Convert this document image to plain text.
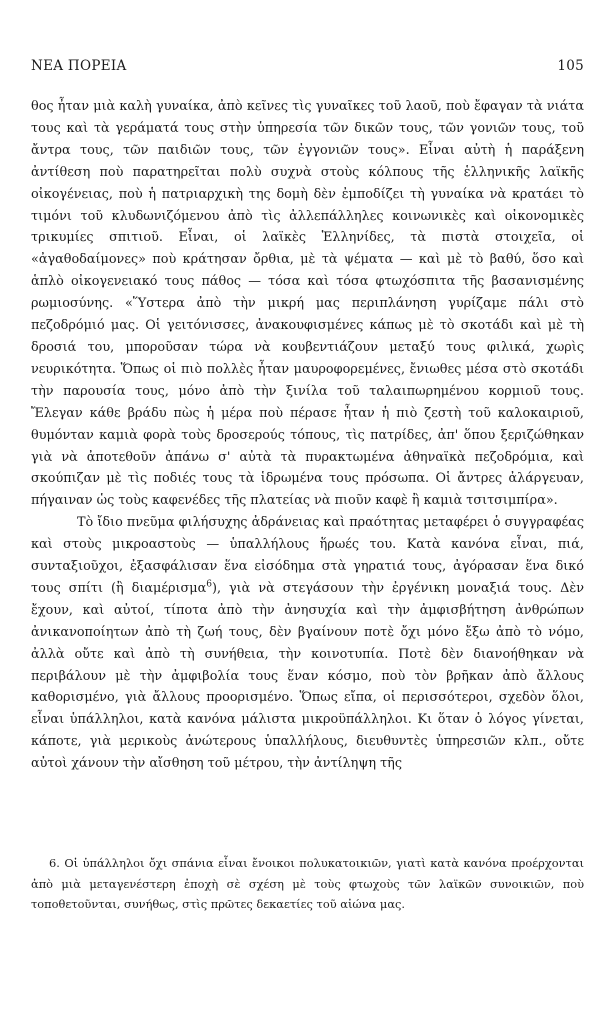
ΝΕΑ ΠΟΡΕΙΑ	105

θος ἦταν μιὰ καλὴ γυναίκα, ἀπὸ κεῖνες τὶς γυναῖκες τοῦ λαοῦ, ποὺ ἔφαγαν τὰ νιάτα τους καὶ τὰ γεράματά τους στὴν ὑπηρεσία τῶν δικῶν τους, τῶν γονιῶν τους, τοῦ ἄντρα τους, τῶν παιδιῶν τους, τῶν ἐγγονιῶν τους». Εἶναι αὐτὴ ἡ παράξενη ἀντίθεση ποὺ παρατηρεῖται πολὺ συχνὰ στοὺς κόλπους τῆς ἑλληνικῆς λαϊκῆς οἰκογένειας, ποὺ ἡ πατριαρχικὴ της δομὴ δὲν ἐμποδίζει τὴ γυναίκα νὰ κρατάει τὸ τιμόνι τοῦ κλυδωνιζόμενου ἀπὸ τὶς ἀλλεπάλληλες κοινωνικὲς καὶ οἰκονομικὲς τρικυμίες σπιτιοῦ. Εἶναι, οἱ λαϊκὲς Ἑλληνίδες, τὰ πιστὰ στοιχεῖα, οἱ «ἀγαθοδαίμονες» ποὺ κράτησαν ὄρθια, μὲ τὰ ψέματα — καὶ μὲ τὸ βαθύ, ὅσο καὶ ἁπλὸ οἰκογενειακό τους πάθος — τόσα καὶ τόσα φτωχόσπιτα τῆς βασανισμένης ρωμιοσύνης. «Ὕστερα ἀπὸ τὴν μικρή μας περιπλάνηση γυρίζαμε πάλι στὸ πεζοδρόμιό μας. Οἱ γειτόνισσες, ἀνακουφισμένες κάπως μὲ τὸ σκοτάδι καὶ μὲ τὴ δροσιά του, μποροῦσαν τώρα νὰ κουβεντιάζουν μεταξύ τους φιλικά, χωρὶς νευρικότητα. Ὅπως οἱ πιὸ πολλὲς ἦταν μαυροφορεμένες, ἔνιωθες μέσα στὸ σκοτάδι τὴν παρουσία τους, μόνο ἀπὸ τὴν ξινίλα τοῦ ταλαιπωρημένου κορμιοῦ τους. Ἔλεγαν κάθε βράδυ πὼς ἡ μέρα ποὺ πέρασε ἦταν ἡ πιὸ ζεστὴ τοῦ καλοκαιριοῦ, θυμόνταν καμιὰ φορὰ τοὺς δροσερούς τόπους, τὶς πατρίδες, ἀπ' ὅπου ξεριζώθηκαν γιὰ νὰ ἀποτεθοῦν ἀπάνω σ' αὐτὰ τὰ πυρακτωμένα ἀθηναϊκὰ πεζοδρόμια, καὶ σκούπιζαν μὲ τὶς ποδιές τους τὰ ἱδρωμένα τους πρόσωπα. Οἱ ἄντρες ἀλάργευαν, πήγαιναν ὡς τοὺς καφενέδες τῆς πλατείας νὰ πιοῦν καφὲ ἢ καμιὰ τσιτσιμπίρα».

Τὸ ἴδιο πνεῦμα φιλήσυχης ἀδράνειας καὶ πραότητας μεταφέρει ὁ συγγραφέας καὶ στοὺς μικροαστοὺς — ὑπαλλήλους ἥρωές του. Κατὰ κανόνα εἶναι, πιά, συνταξιοῦχοι, ἐξασφάλισαν ἕνα εἰσόδημα στὰ γηρατιά τους, ἀγόρασαν ἕνα δικό τους σπίτι (ἢ διαμέρισμα$^6$), γιὰ νὰ στεγάσουν τὴν ἐργένικη μοναξιά τους. Δὲν ἔχουν, καὶ αὐτοί, τίποτα ἀπὸ τὴν ἀνησυχία καὶ τὴν ἀμφισβήτηση ἀνθρώπων ἀνικανοποίητων ἀπὸ τὴ ζωή τους, δὲν βγαίνουν ποτὲ ὄχι μόνο ἔξω ἀπὸ τὸ νόμο, ἀλλὰ οὔτε καὶ ἀπὸ τὴ συνήθεια, τὴν κοινοτυπία. Ποτὲ δὲν διανοήθηκαν νὰ περιβάλουν μὲ τὴν ἀμφιβολία τους ἕναν κόσμο, ποὺ τὸν βρῆκαν ἀπὸ ἄλλους καθορισμένο, γιὰ ἄλλους προορισμένο. Ὅπως εἴπα, οἱ περισσότεροι, σχεδὸν ὅλοι, εἶναι ὑπάλληλοι, κατὰ κανόνα μάλιστα μικροϋπάλληλοι. Κι ὅταν ὁ λόγος γίνεται, κάποτε, γιὰ μερικοὺς ἀνώτερους ὑπαλλήλους, διευθυντὲς ὑπηρεσιῶν κλπ., οὔτε αὐτοὶ χάνουν τὴν αἴσθηση τοῦ μέτρου, τὴν ἀντίληψη τῆς

6. Οἱ ὑπάλληλοι ὄχι σπάνια εἶναι ἔνοικοι πολυκατοικιῶν, γιατὶ κατὰ κανόνα προέρχονται ἀπὸ μιὰ μεταγενέστερη ἐποχὴ σὲ σχέση μὲ τοὺς φτωχοὺς τῶν λαϊκῶν συνοικιῶν, ποὺ τοποθετοῦνται, συνήθως, στὶς πρῶτες δεκαετίες τοῦ αἰώνα μας.
